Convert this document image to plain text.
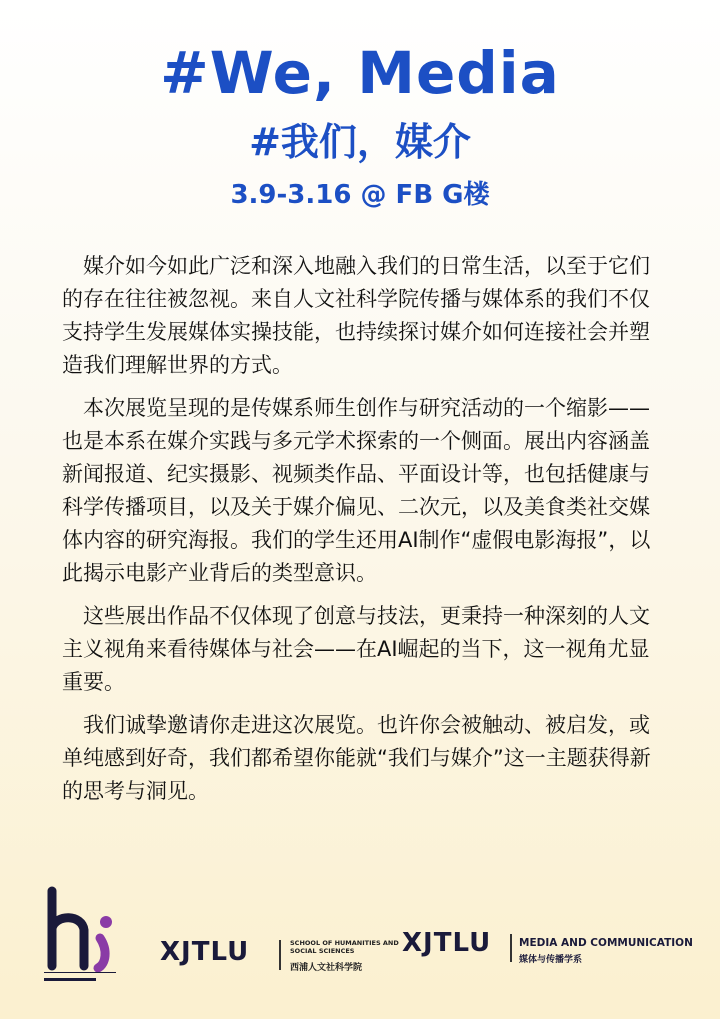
#We, Media
#我们，媒介
3.9-3.16 @ FB G楼

媒介如今如此广泛和深入地融入我们的日常生活，以至于它们的存在往往被忽视。来自人文社科学院传播与媒体系的我们不仅支持学生发展媒体实操技能，也持续探讨媒介如何连接社会并塑造我们理解世界的方式。

本次展览呈现的是传媒系师生创作与研究活动的一个缩影——也是本系在媒介实践与多元学术探索的一个侧面。展出内容涵盖新闻报道、纪实摄影、视频类作品、平面设计等，也包括健康与科学传播项目，以及关于媒介偏见、二次元，以及美食类社交媒体内容的研究海报。我们的学生还用AI制作“虚假电影海报”，以此揭示电影产业背后的类型意识。

这些展出作品不仅体现了创意与技法，更秉持一种深刻的人文主义视角来看待媒体与社会——在AI崛起的当下，这一视角尤显重要。

我们诚挚邀请你走进这次展览。也许你会被触动、被启发，或单纯感到好奇，我们都希望你能就“我们与媒介”这一主题获得新的思考与洞见。

XJTLU	SCHOOL OF HUMANITIES AND SOCIAL SCIENCES
西浦人文社科学院
XJTLU	MEDIA AND COMMUNICATION
媒体与传播学系
